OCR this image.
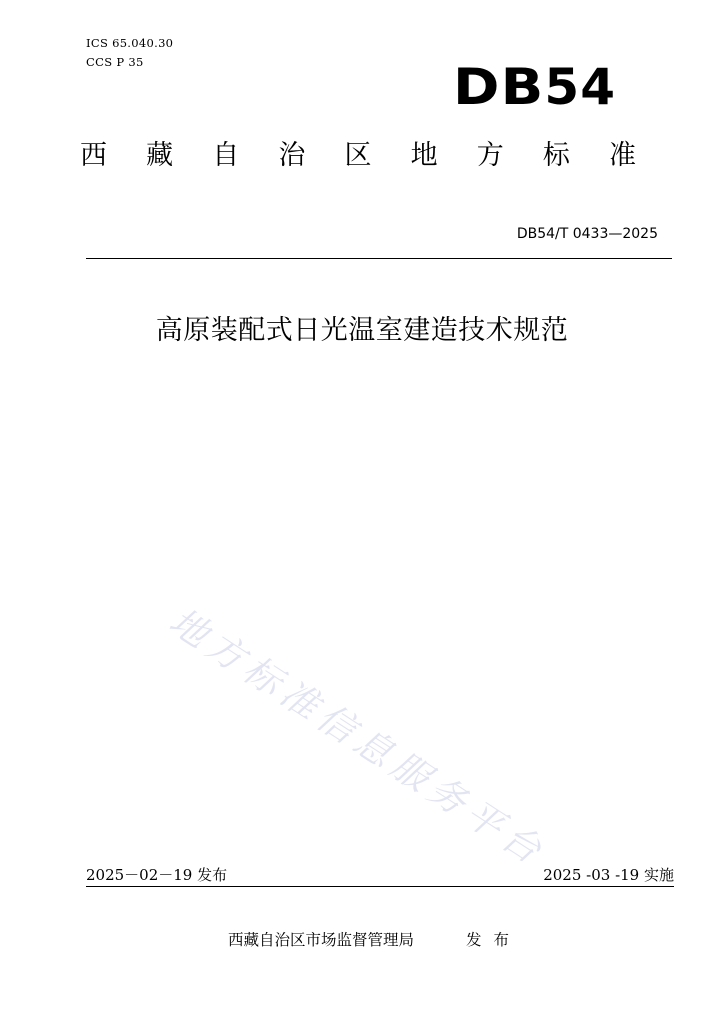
ICS 65.040.30
CCS P 35	DB54
西 藏 自 治 区 地 方 标 准
DB54/T 0433—2025
高原装配式日光温室建造技术规范
地方标准信息服务平台
2025－02－19 发布	2025 -03 -19 实施
西藏自治区市场监督管理局	发布
